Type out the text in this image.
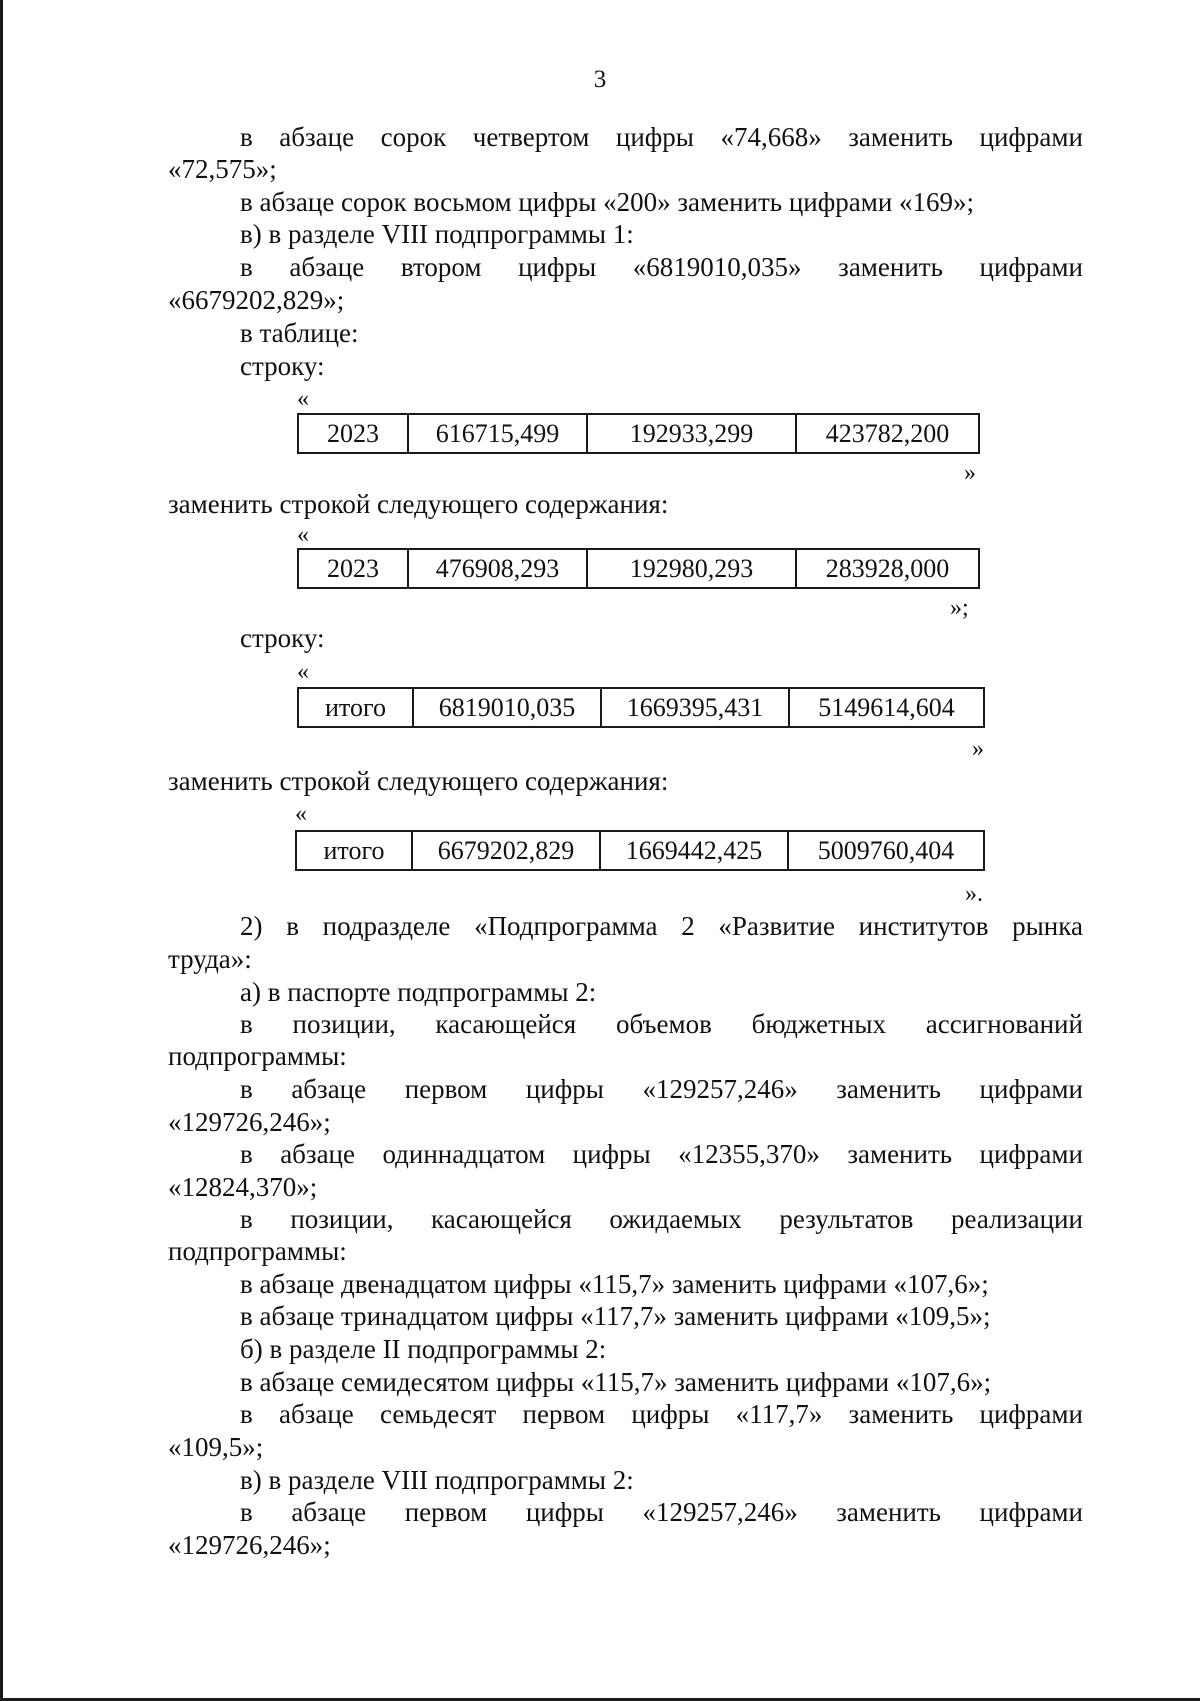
3
в абзаце сорок четвертом цифры «74,668» заменить цифрами
«72,575»;
в абзаце сорок восьмом цифры «200» заменить цифрами «169»;
в) в разделе VIII подпрограммы 1:
в абзаце втором цифры «6819010,035» заменить цифрами
«6679202,829»;
в таблице:
строку:
«
2023	616715,499	192933,299	423782,200
»
заменить строкой следующего содержания:
«
2023	476908,293	192980,293	283928,000
»;
строку:
«
итого	6819010,035	1669395,431	5149614,604
»
заменить строкой следующего содержания:
«
итого	6679202,829	1669442,425	5009760,404
».
2) в подразделе «Подпрограмма 2 «Развитие институтов рынка
труда»:
а) в паспорте подпрограммы 2:
в позиции, касающейся объемов бюджетных ассигнований
подпрограммы:
в абзаце первом цифры «129257,246» заменить цифрами
«129726,246»;
в абзаце одиннадцатом цифры «12355,370» заменить цифрами
«12824,370»;
в позиции, касающейся ожидаемых результатов реализации
подпрограммы:
в абзаце двенадцатом цифры «115,7» заменить цифрами «107,6»;
в абзаце тринадцатом цифры «117,7» заменить цифрами «109,5»;
б) в разделе II подпрограммы 2:
в абзаце семидесятом цифры «115,7» заменить цифрами «107,6»;
в абзаце семьдесят первом цифры «117,7» заменить цифрами
«109,5»;
в) в разделе VIII подпрограммы 2:
в абзаце первом цифры «129257,246» заменить цифрами
«129726,246»;
